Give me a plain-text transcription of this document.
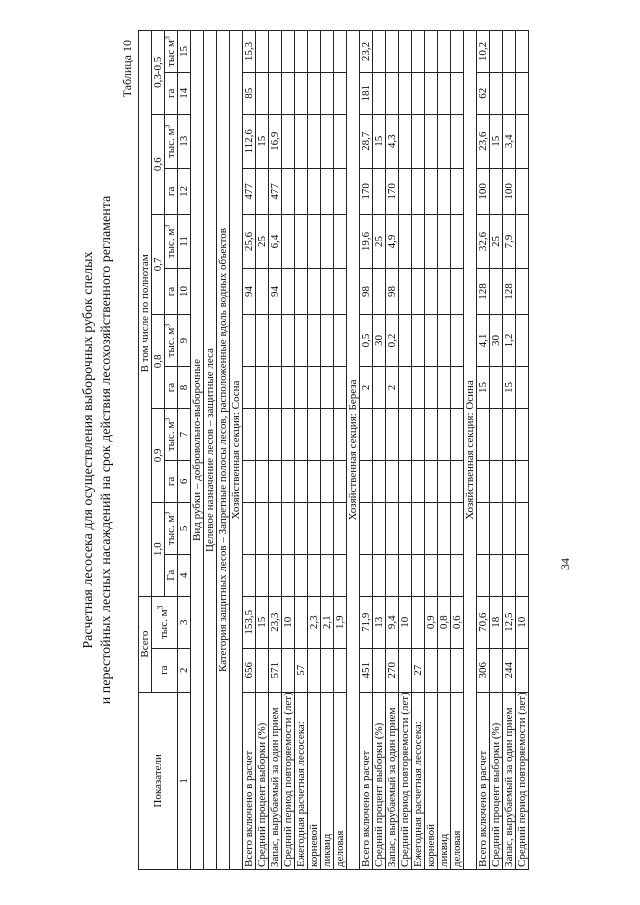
Расчетная лесосека для осуществления выборочных рубок спелых и перестойных лесных насаждений на срок действия лесохозяйственного регламента
Таблица 10
Показатели	Всего		В том числе по полнотам											
	га	тыс. $м^3$	1,0		0,9		0,8		0,7		0,6		0,3-0,5	
			Га	тыс. $м^3$	га	тыс. $м^3$	га	тыс. $м^3$	га	тыс. $м^3$	га	тыс. $м^3$	га	тыс $м^3$
1	2	3	4	5	6	7	8	9	10	11	12	13	14	15
Вид рубки – добровольно-выборочные														
Целевое назначение лесов – защитные леса														
Категория защитных лесов – Запретные полосы лесов, расположенные вдоль водных объектов														
Хозяйственная секция: Сосна														
Всего включено в расчет	656	153,5							94	25,6	477	112,6	85	15,3
Средний процент выборки (%)		15								25		15		
Запас, вырубаемый за один прием	571	23,3							94	6,4	477	16,9		
Средний период повторяемости (лет)		10												
Ежегодная расчетная лесосека:	57													
корневой		2,3												
ликвид		2,1												
деловая		1,9												
Хозяйственная секция: Береза														
Всего включено в расчет	451	71,9					2	0,5	98	19,6	170	28,7	181	23,2
Средний процент выборки (%)		13						30		25		15		
Запас, вырубаемый за один прием	270	9,4					2	0,2	98	4,9	170	4,3		
Средний период повторяемости (лет)		10												
Ежегодная расчетная лесосека:	27													
корневой		0,9												
ликвид		0,8												
деловая		0,6												
Хозяйственная секция: Осина														
Всего включено в расчет	306	70,6					15	4,1	128	32,6	100	23,6	62	10,2
Средний процент выборки (%)		18						30		25		15		
Запас, вырубаемый за один прием	244	12,5					15	1,2	128	7,9	100	3,4		
Средний период повторяемости (лет)		10												
34
